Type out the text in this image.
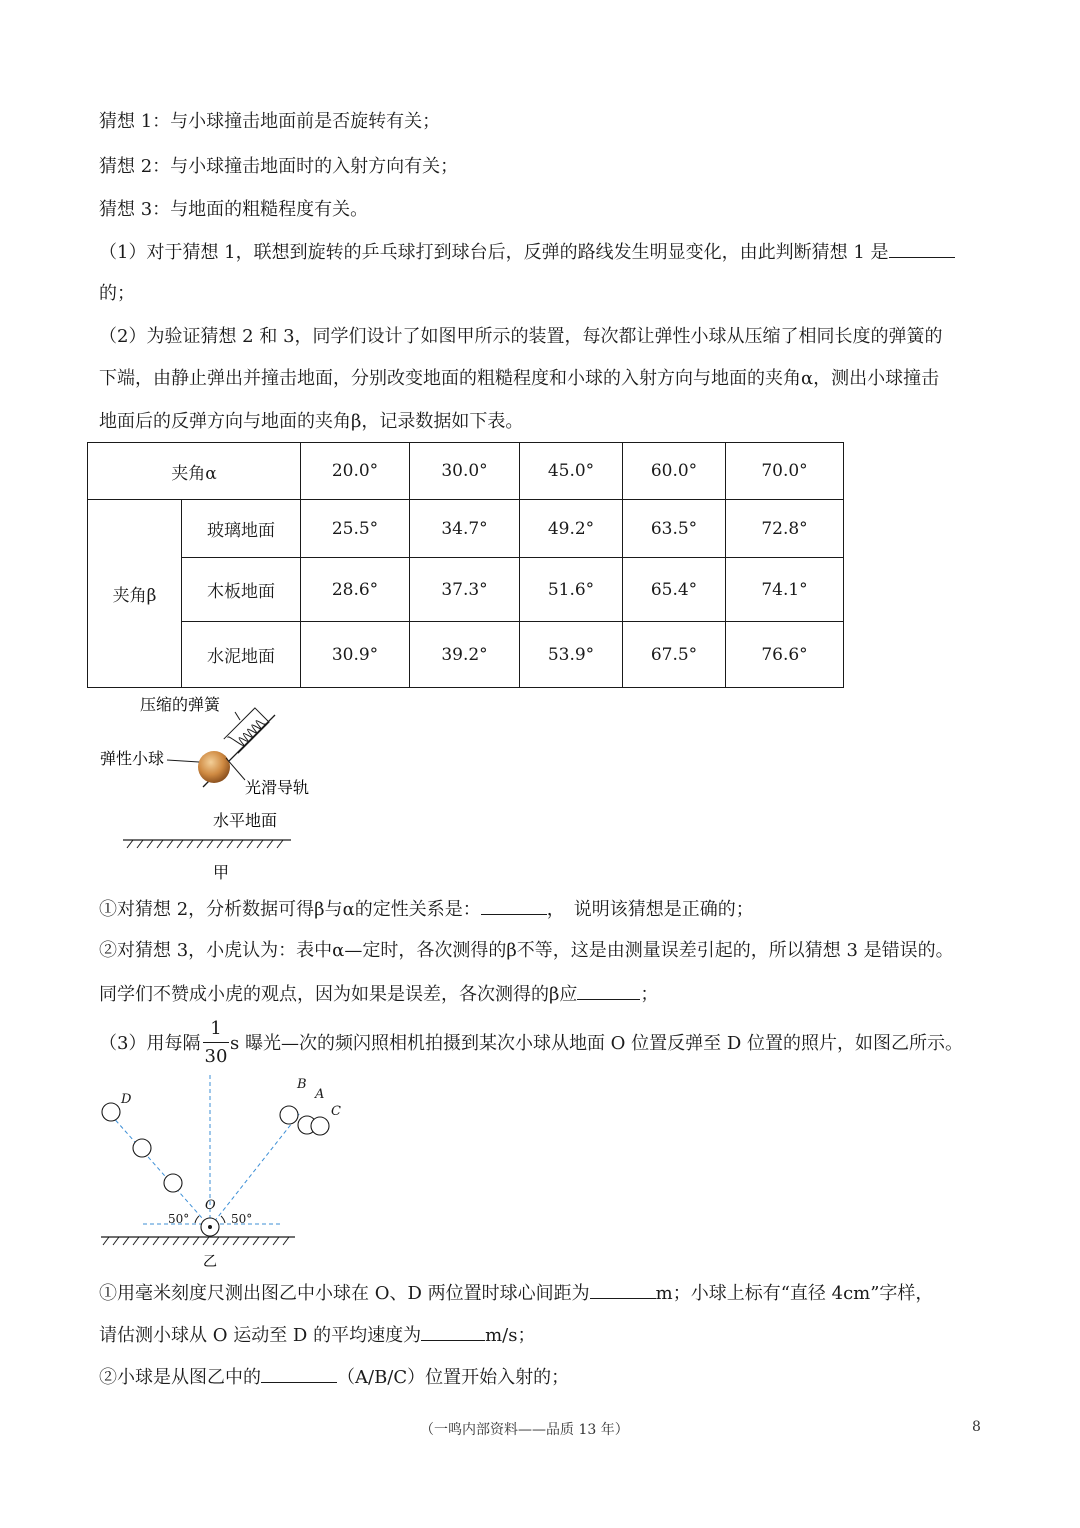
猜想 1：与小球撞击地面前是否旋转有关；
猜想 2：与小球撞击地面时的入射方向有关；
猜想 3：与地面的粗糙程度有关。
（1）对于猜想 1，联想到旋转的乒乓球打到球台后，反弹的路线发生明显变化，由此判断猜想 1 是
的；
（2）为验证猜想 2 和 3，同学们设计了如图甲所示的装置，每次都让弹性小球从压缩了相同长度的弹簧的
下端，由静止弹出并撞击地面，分别改变地面的粗糙程度和小球的入射方向与地面的夹角α，测出小球撞击
地面后的反弹方向与地面的夹角β，记录数据如下表。
夹角α		20.0°	30.0°	45.0°	60.0°	70.0°
夹角β	玻璃地面	25.5°	34.7°	49.2°	63.5°	72.8°
	木板地面	28.6°	37.3°	51.6°	65.4°	74.1°
	水泥地面	30.9°	39.2°	53.9°	67.5°	76.6°
压缩的弹簧
弹性小球
光滑导轨
水平地面
甲
①对猜想 2，分析数据可得β与α的定性关系是：	，　说明该猜想是正确的；
②对猜想 3，小虎认为：表中α—定时，各次测得的β不等，这是由测量误差引起的，所以猜想 3 是错误的。
同学们不赞成小虎的观点，因为如果是误差，各次测得的β应	；
（3）用每隔
1
30
s 曝光—次的频闪照相机拍摄到某次小球从地面 O 位置反弹至 D 位置的照片，如图乙所示。
D
B
A
C
O
50°	50°
乙
①用毫米刻度尺测出图乙中小球在 O、D 两位置时球心间距为	m；小球上标有“直径 4cm”字样，
请估测小球从 O 运动至 D 的平均速度为	m/s；
②小球是从图乙中的	（A/B/C）位置开始入射的；
（一鸣内部资料——品质 13 年）	8
